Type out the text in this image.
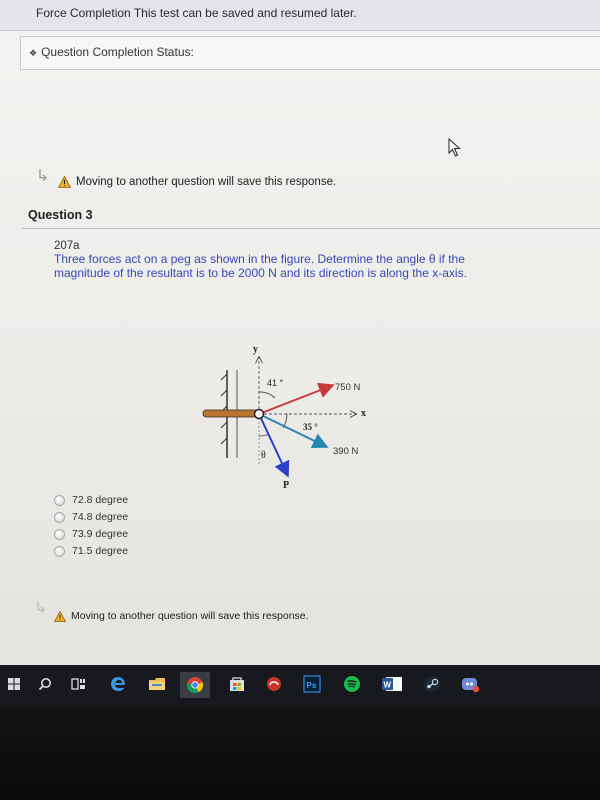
Force Completion This test can be saved and resumed later.
❖ Question Completion Status:
↳ Moving to another question will save this response.
Question 3
207a
Three forces act on a peg as shown in the figure. Determine the angle θ if the magnitude of the resultant is to be 2000 N and its direction is along the x-axis.
y
x
41 °	750 N
35 °
390 N
θ
P
72.8 degree
74.8 degree
73.9 degree
71.5 degree
↳ Moving to another question will save this response.
Ps	W
